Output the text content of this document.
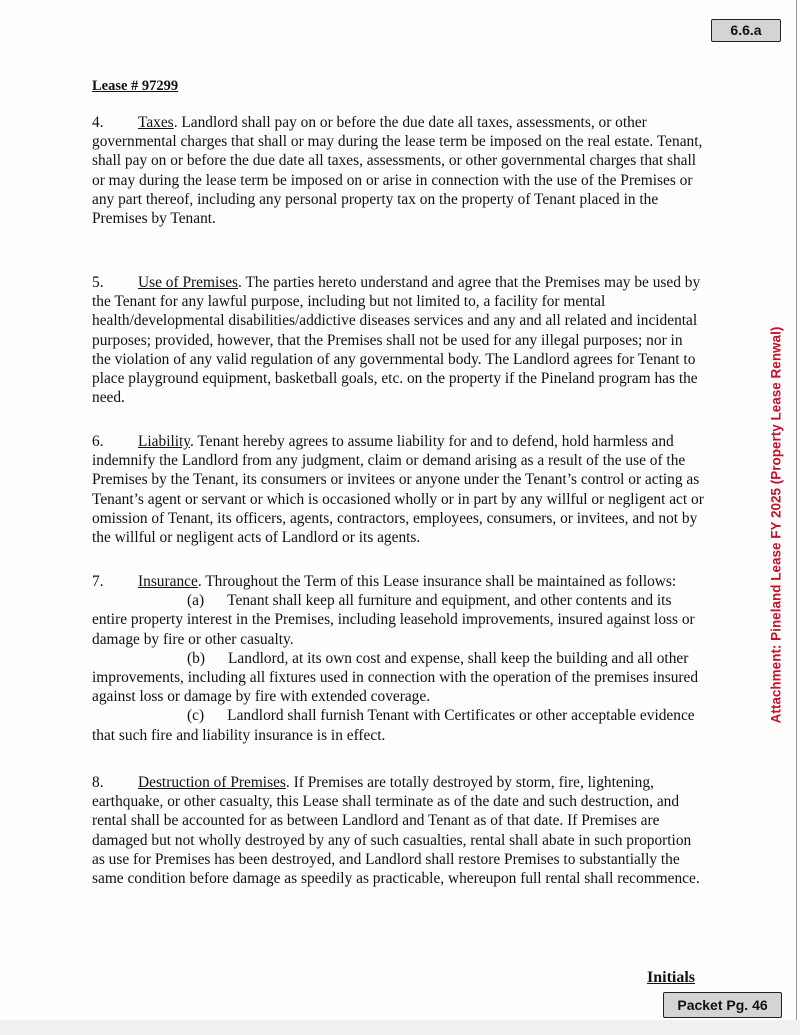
6.6.a
Attachment: Pineland Lease FY 2025 (Property Lease Renwal)
Lease # 97299
4. Taxes. Landlord shall pay on or before the due date all taxes, assessments, or other governmental charges that shall or may during the lease term be imposed on the real estate. Tenant, shall pay on or before the due date all taxes, assessments, or other governmental charges that shall or may during the lease term be imposed on or arise in connection with the use of the Premises or any part thereof, including any personal property tax on the property of Tenant placed in the Premises by Tenant.
5. Use of Premises. The parties hereto understand and agree that the Premises may be used by the Tenant for any lawful purpose, including but not limited to, a facility for mental health/developmental disabilities/addictive diseases services and any and all related and incidental purposes; provided, however, that the Premises shall not be used for any illegal purposes; nor in the violation of any valid regulation of any governmental body. The Landlord agrees for Tenant to place playground equipment, basketball goals, etc. on the property if the Pineland program has the need.
6. Liability. Tenant hereby agrees to assume liability for and to defend, hold harmless and indemnify the Landlord from any judgment, claim or demand arising as a result of the use of the Premises by the Tenant, its consumers or invitees or anyone under the Tenant’s control or acting as Tenant’s agent or servant or which is occasioned wholly or in part by any willful or negligent act or omission of Tenant, its officers, agents, contractors, employees, consumers, or invitees, and not by the willful or negligent acts of Landlord or its agents.
7. Insurance. Throughout the Term of this Lease insurance shall be maintained as follows:
(a)  Tenant shall keep all furniture and equipment, and other contents and its entire property interest in the Premises, including leasehold improvements, insured against loss or damage by fire or other casualty.
(b)  Landlord, at its own cost and expense, shall keep the building and all other improvements, including all fixtures used in connection with the operation of the premises insured against loss or damage by fire with extended coverage.
(c)  Landlord shall furnish Tenant with Certificates or other acceptable evidence that such fire and liability insurance is in effect.
8. Destruction of Premises. If Premises are totally destroyed by storm, fire, lightening, earthquake, or other casualty, this Lease shall terminate as of the date and such destruction, and rental shall be accounted for as between Landlord and Tenant as of that date. If Premises are damaged but not wholly destroyed by any of such casualties, rental shall abate in such proportion as use for Premises has been destroyed, and Landlord shall restore Premises to substantially the same condition before damage as speedily as practicable, whereupon full rental shall recommence.
Initials
Packet Pg. 46
